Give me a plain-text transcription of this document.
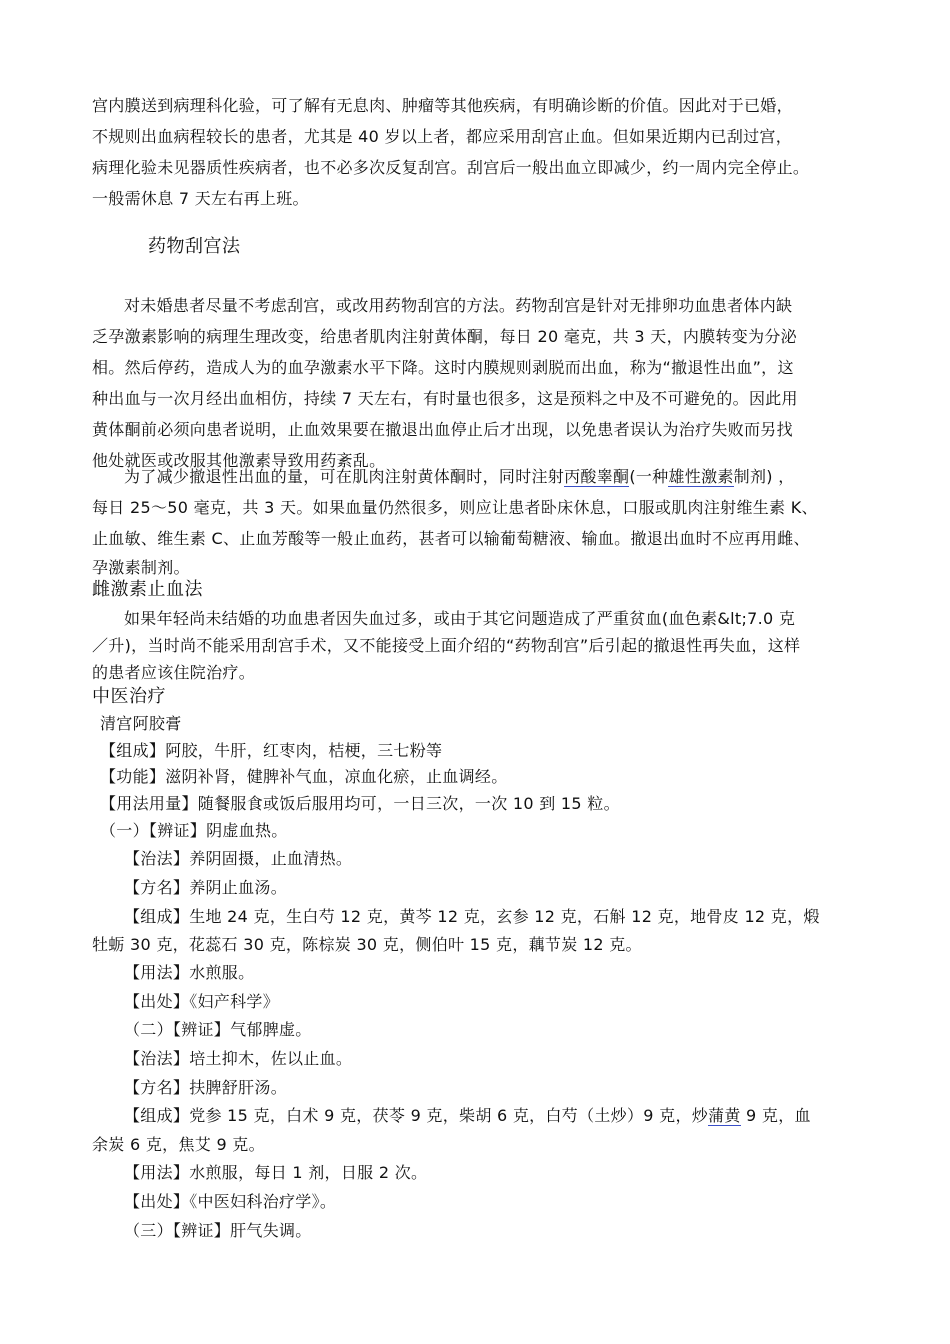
宫内膜送到病理科化验，可了解有无息肉、肿瘤等其他疾病，有明确诊断的价值。因此对于已婚，
不规则出血病程较长的患者，尤其是 40 岁以上者，都应采用刮宫止血。但如果近期内已刮过宫，
病理化验未见器质性疾病者，也不必多次反复刮宫。刮宫后一般出血立即减少，约一周内完全停止。
一般需休息 7 天左右再上班。
药物刮宫法
对未婚患者尽量不考虑刮宫，或改用药物刮宫的方法。药物刮宫是针对无排卵功血患者体内缺
乏孕激素影响的病理生理改变，给患者肌肉注射黄体酮，每日 20 毫克，共 3 天，内膜转变为分泌
相。然后停药，造成人为的血孕激素水平下降。这时内膜规则剥脱而出血，称为“撤退性出血”，这
种出血与一次月经出血相仿，持续 7 天左右，有时量也很多，这是预料之中及不可避免的。因此用
黄体酮前必须向患者说明，止血效果要在撤退出血停止后才出现，以免患者误认为治疗失败而另找
他处就医或改服其他激素导致用药紊乱。
为了减少撤退性出血的量，可在肌肉注射黄体酮时，同时注射丙酸睾酮(一种雄性激素制剂) ，
每日 25～50 毫克，共 3 天。如果血量仍然很多，则应让患者卧床休息，口服或肌肉注射维生素 K、
止血敏、维生素 C、止血芳酸等一般止血药，甚者可以输葡萄糖液、输血。撤退出血时不应再用雌、
孕激素制剂。
雌激素止血法
如果年轻尚未结婚的功血患者因失血过多，或由于其它问题造成了严重贫血(血色素&lt;7.0 克
／升)，当时尚不能采用刮宫手术，又不能接受上面介绍的“药物刮宫”后引起的撤退性再失血，这样
的患者应该住院治疗。
中医治疗
清宫阿胶膏
【组成】阿胶，牛肝，红枣肉，桔梗，三七粉等
【功能】滋阴补肾，健脾补气血，凉血化瘀，止血调经。
【用法用量】随餐服食或饭后服用均可，一日三次，一次 10 到 15 粒。
（一）【辨证】阴虚血热。
【治法】养阴固摄，止血清热。
【方名】养阴止血汤。
【组成】生地 24 克，生白芍 12 克，黄芩 12 克，玄参 12 克，石斛 12 克，地骨皮 12 克，煅
牡蛎 30 克，花蕊石 30 克，陈棕炭 30 克，侧伯叶 15 克，藕节炭 12 克。
【用法】水煎服。
【出处】《妇产科学》
（二）【辨证】气郁脾虚。
【治法】培土抑木，佐以止血。
【方名】扶脾舒肝汤。
【组成】党参 15 克，白术 9 克，茯苓 9 克，柴胡 6 克，白芍（土炒）9 克，炒蒲黄 9 克，血
余炭 6 克，焦艾 9 克。
【用法】水煎服，每日 1 剂，日服 2 次。
【出处】《中医妇科治疗学》。
（三）【辨证】肝气失调。
